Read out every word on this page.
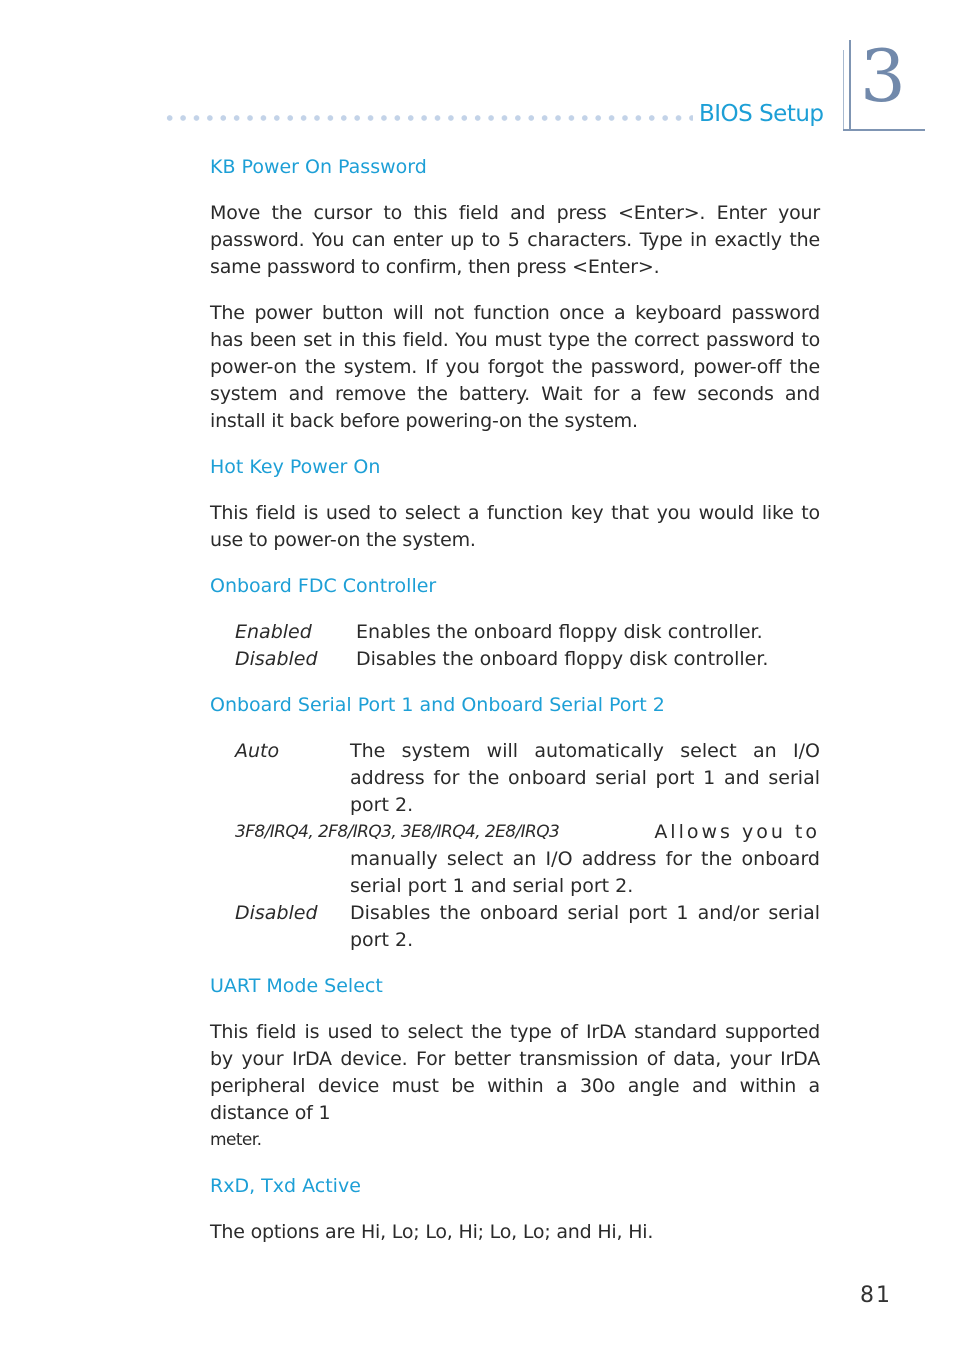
BIOS Setup 3
KB Power On Password

Move the cursor to this field and press <Enter>. Enter your password. You can enter up to 5 characters. Type in exactly the same password to confirm, then press <Enter>.

The power button will not function once a keyboard password has been set in this field. You must type the correct password to power-on the system. If you forgot the password, power-off the system and remove the battery. Wait for a few seconds and install it back before powering-on the system.

Hot Key Power On

This field is used to select a function key that you would like to use to power-on the system.

Onboard FDC Controller
Enabled	Enables the onboard floppy disk controller.
Disabled	Disables the onboard floppy disk controller.
Onboard Serial Port 1 and Onboard Serial Port 2
Auto	The system will automatically select an I/O address for the onboard serial port 1 and serial port 2.
3F8/IRQ4, 2F8/IRQ3, 3E8/IRQ4, 2E8/IRQ3	Allows you to
manually select an I/O address for the onboard serial port 1 and serial port 2.
Disabled	Disables the onboard serial port 1 and/or serial port 2.
UART Mode Select

This field is used to select the type of IrDA standard supported by your IrDA device. For better transmission of data, your IrDA peripheral device must be within a 30o angle and within a distance of 1

meter.

RxD, Txd Active

The options are Hi, Lo; Lo, Hi; Lo, Lo; and Hi, Hi.

81
